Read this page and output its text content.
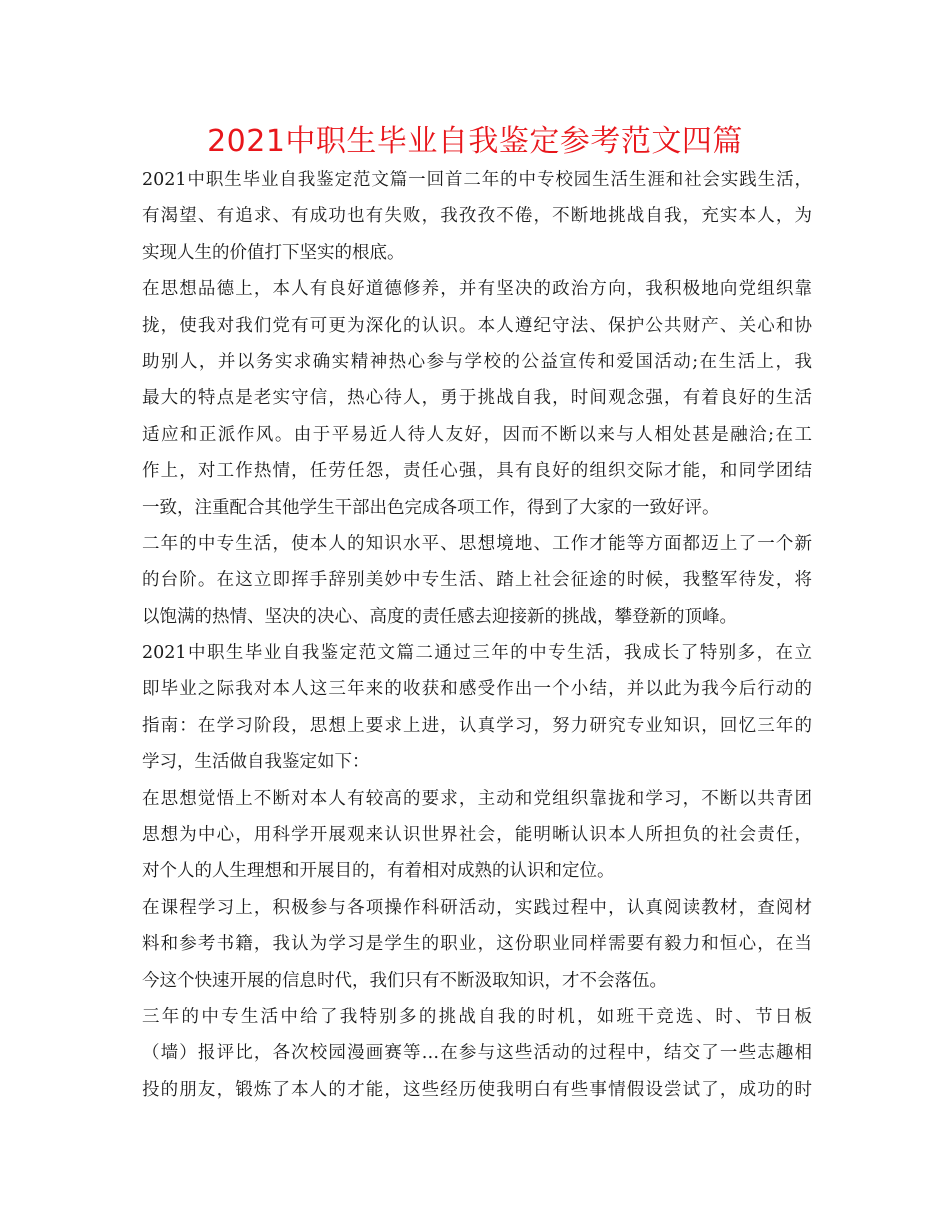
2021中职生毕业自我鉴定参考范文四篇
2021中职生毕业自我鉴定范文篇一回首二年的中专校园生活生涯和社会实践生活，
有渴望、有追求、有成功也有失败，我孜孜不倦，不断地挑战自我，充实本人，为
实现人生的价值打下坚实的根底。
在思想品德上，本人有良好道德修养，并有坚决的政治方向，我积极地向党组织靠
拢，使我对我们党有可更为深化的认识。本人遵纪守法、保护公共财产、关心和协
助别人，并以务实求确实精神热心参与学校的公益宣传和爱国活动;在生活上，我
最大的特点是老实守信，热心待人，勇于挑战自我，时间观念强，有着良好的生活
适应和正派作风。由于平易近人待人友好，因而不断以来与人相处甚是融洽;在工
作上，对工作热情，任劳任怨，责任心强，具有良好的组织交际才能，和同学团结
一致，注重配合其他学生干部出色完成各项工作，得到了大家的一致好评。
二年的中专生活，使本人的知识水平、思想境地、工作才能等方面都迈上了一个新
的台阶。在这立即挥手辞别美妙中专生活、踏上社会征途的时候，我整军待发，将
以饱满的热情、坚决的决心、高度的责任感去迎接新的挑战，攀登新的顶峰。
2021中职生毕业自我鉴定范文篇二通过三年的中专生活，我成长了特别多，在立
即毕业之际我对本人这三年来的收获和感受作出一个小结，并以此为我今后行动的
指南：在学习阶段，思想上要求上进，认真学习，努力研究专业知识，回忆三年的
学习，生活做自我鉴定如下：
在思想觉悟上不断对本人有较高的要求，主动和党组织靠拢和学习，不断以共青团
思想为中心，用科学开展观来认识世界社会，能明晰认识本人所担负的社会责任，
对个人的人生理想和开展目的，有着相对成熟的认识和定位。
在课程学习上，积极参与各项操作科研活动，实践过程中，认真阅读教材，查阅材
料和参考书籍，我认为学习是学生的职业，这份职业同样需要有毅力和恒心，在当
今这个快速开展的信息时代，我们只有不断汲取知识，才不会落伍。
三年的中专生活中给了我特别多的挑战自我的时机，如班干竞选、时、节日板
（墙）报评比，各次校园漫画赛等…在参与这些活动的过程中，结交了一些志趣相
投的朋友，锻炼了本人的才能，这些经历使我明白有些事情假设尝试了，成功的时
